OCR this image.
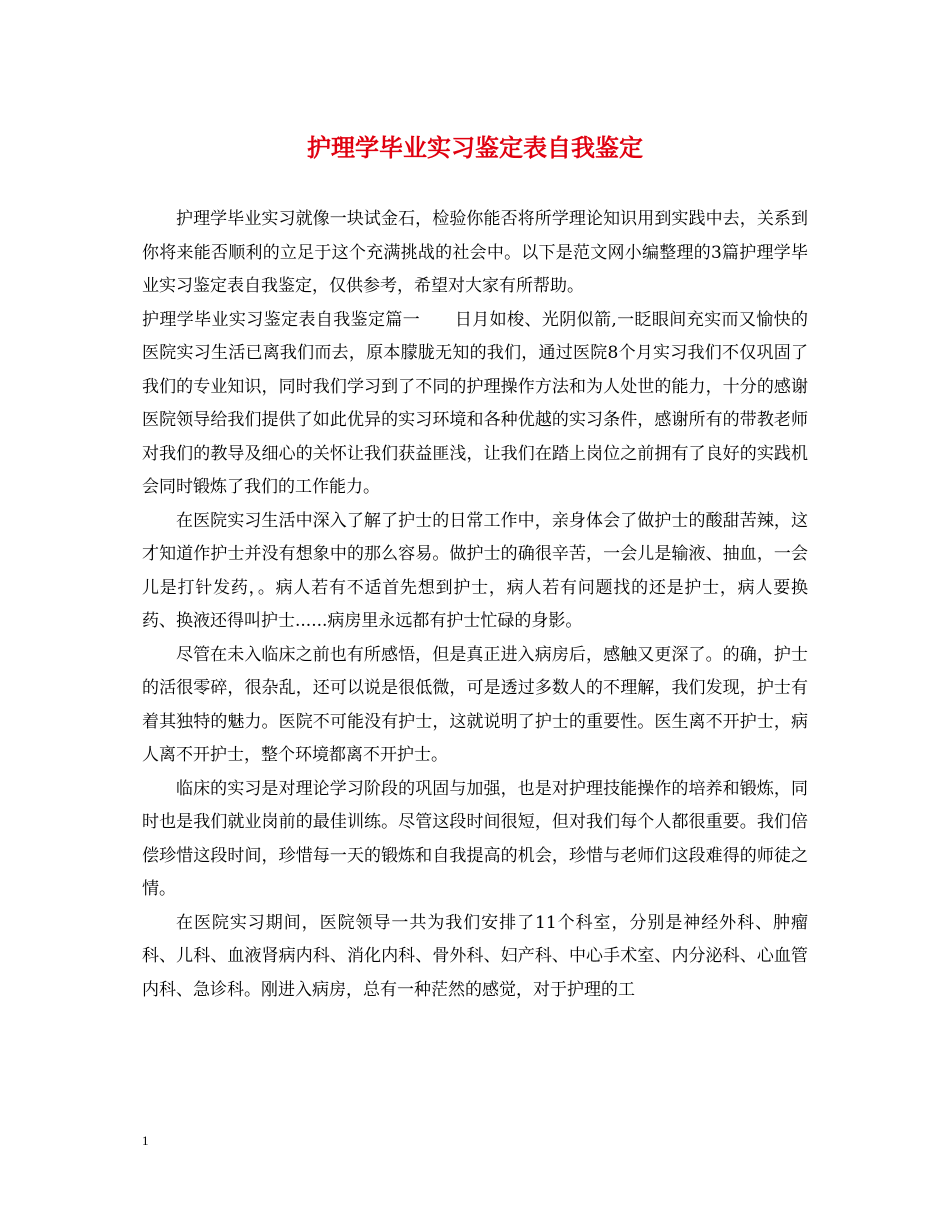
护理学毕业实习鉴定表自我鉴定

护理学毕业实习就像一块试金石，检验你能否将所学理论知识用到实践中去，关系到你将来能否顺利的立足于这个充满挑战的社会中。以下是范文网小编整理的3篇护理学毕业实习鉴定表自我鉴定，仅供参考，希望对大家有所帮助。

护理学毕业实习鉴定表自我鉴定篇一　　日月如梭、光阴似箭,一眨眼间充实而又愉快的医院实习生活已离我们而去，原本朦胧无知的我们，通过医院8个月实习我们不仅巩固了我们的专业知识，同时我们学习到了不同的护理操作方法和为人处世的能力，十分的感谢医院领导给我们提供了如此优异的实习环境和各种优越的实习条件，感谢所有的带教老师对我们的教导及细心的关怀让我们获益匪浅，让我们在踏上岗位之前拥有了良好的实践机会同时锻炼了我们的工作能力。

在医院实习生活中深入了解了护士的日常工作中，亲身体会了做护士的酸甜苦辣，这才知道作护士并没有想象中的那么容易。做护士的确很辛苦，一会儿是输液、抽血，一会儿是打针发药，。病人若有不适首先想到护士，病人若有问题找的还是护士，病人要换药、换液还得叫护士......病房里永远都有护士忙碌的身影。

尽管在未入临床之前也有所感悟，但是真正进入病房后，感触又更深了。的确，护士的活很零碎，很杂乱，还可以说是很低微，可是透过多数人的不理解，我们发现，护士有着其独特的魅力。医院不可能没有护士，这就说明了护士的重要性。医生离不开护士，病人离不开护士，整个环境都离不开护士。

临床的实习是对理论学习阶段的巩固与加强，也是对护理技能操作的培养和锻炼，同时也是我们就业岗前的最佳训练。尽管这段时间很短，但对我们每个人都很重要。我们倍偿珍惜这段时间，珍惜每一天的锻炼和自我提高的机会，珍惜与老师们这段难得的师徒之情。

在医院实习期间，医院领导一共为我们安排了11个科室，分别是神经外科、肿瘤科、儿科、血液肾病内科、消化内科、骨外科、妇产科、中心手术室、内分泌科、心血管内科、急诊科。刚进入病房，总有一种茫然的感觉，对于护理的工

1
